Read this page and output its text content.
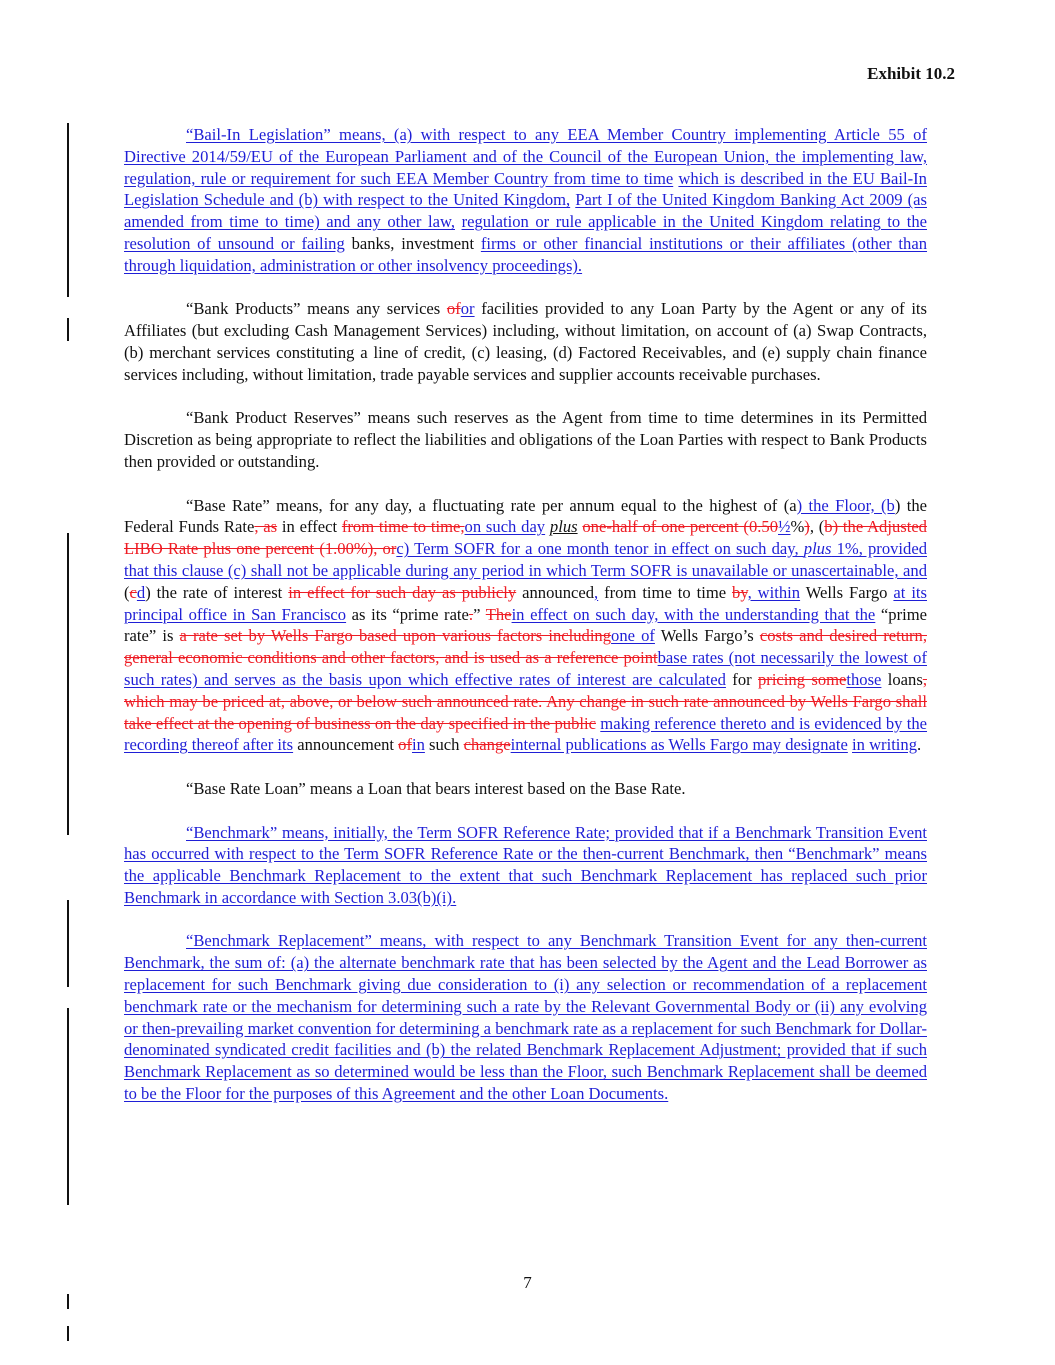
Exhibit 10.2

“Bail-In Legislation” means, (a) with respect to any EEA Member Country implementing Article 55 of Directive 2014/59/EU of the European Parliament and of the Council of the European Union, the implementing law, regulation, rule or requirement for such EEA Member Country from time to time which is described in the EU Bail-In Legislation Schedule and (b) with respect to the United Kingdom, Part I of the United Kingdom Banking Act 2009 (as amended from time to time) and any other law, regulation or rule applicable in the United Kingdom relating to the resolution of unsound or failing banks, investment firms or other financial institutions or their affiliates (other than through liquidation, administration or other insolvency proceedings).

“Bank Products” means any services ofor facilities provided to any Loan Party by the Agent or any of its Affiliates (but excluding Cash Management Services) including, without limitation, on account of (a) Swap Contracts, (b) merchant services constituting a line of credit, (c) leasing, (d) Factored Receivables, and (e) supply chain finance services including, without limitation, trade payable services and supplier accounts receivable purchases.

“Bank Product Reserves” means such reserves as the Agent from time to time determines in its Permitted Discretion as being appropriate to reflect the liabilities and obligations of the Loan Parties with respect to Bank Products then provided or outstanding.

“Base Rate” means, for any day, a fluctuating rate per annum equal to the highest of (a) the Floor, (b) the Federal Funds Rate, as in effect from time to time,on such day plus one-half of one percent (0.50½%), (b) the Adjusted LIBO Rate plus one percent (1.00%), orc) Term SOFR for a one month tenor in effect on such day, plus 1%, provided that this clause (c) shall not be applicable during any period in which Term SOFR is unavailable or unascertainable, and (cd) the rate of interest in effect for such day as publicly announced, from time to time by, within Wells Fargo at its principal office in San Francisco as its “prime rate.” Thein effect on such day, with the understanding that the “prime rate” is a rate set by Wells Fargo based upon various factors includingone of Wells Fargo’s costs and desired return, general economic conditions and other factors, and is used as a reference pointbase rates (not necessarily the lowest of such rates) and serves as the basis upon which effective rates of interest are calculated for pricing somethose loans, which may be priced at, above, or below such announced rate. Any change in such rate announced by Wells Fargo shall take effect at the opening of business on the day specified in the public making reference thereto and is evidenced by the recording thereof after its announcement ofin such changeinternal publications as Wells Fargo may designate in writing.

“Base Rate Loan” means a Loan that bears interest based on the Base Rate.

“Benchmark” means, initially, the Term SOFR Reference Rate; provided that if a Benchmark Transition Event has occurred with respect to the Term SOFR Reference Rate or the then-current Benchmark, then “Benchmark” means the applicable Benchmark Replacement to the extent that such Benchmark Replacement has replaced such prior Benchmark in accordance with Section 3.03(b)(i).

“Benchmark Replacement” means, with respect to any Benchmark Transition Event for any then-current Benchmark, the sum of: (a) the alternate benchmark rate that has been selected by the Agent and the Lead Borrower as replacement for such Benchmark giving due consideration to (i) any selection or recommendation of a replacement benchmark rate or the mechanism for determining such a rate by the Relevant Governmental Body or (ii) any evolving or then-prevailing market convention for determining a benchmark rate as a replacement for such Benchmark for Dollar-denominated syndicated credit facilities and (b) the related Benchmark Replacement Adjustment; provided that if such Benchmark Replacement as so determined would be less than the Floor, such Benchmark Replacement shall be deemed to be the Floor for the purposes of this Agreement and the other Loan Documents.

7
